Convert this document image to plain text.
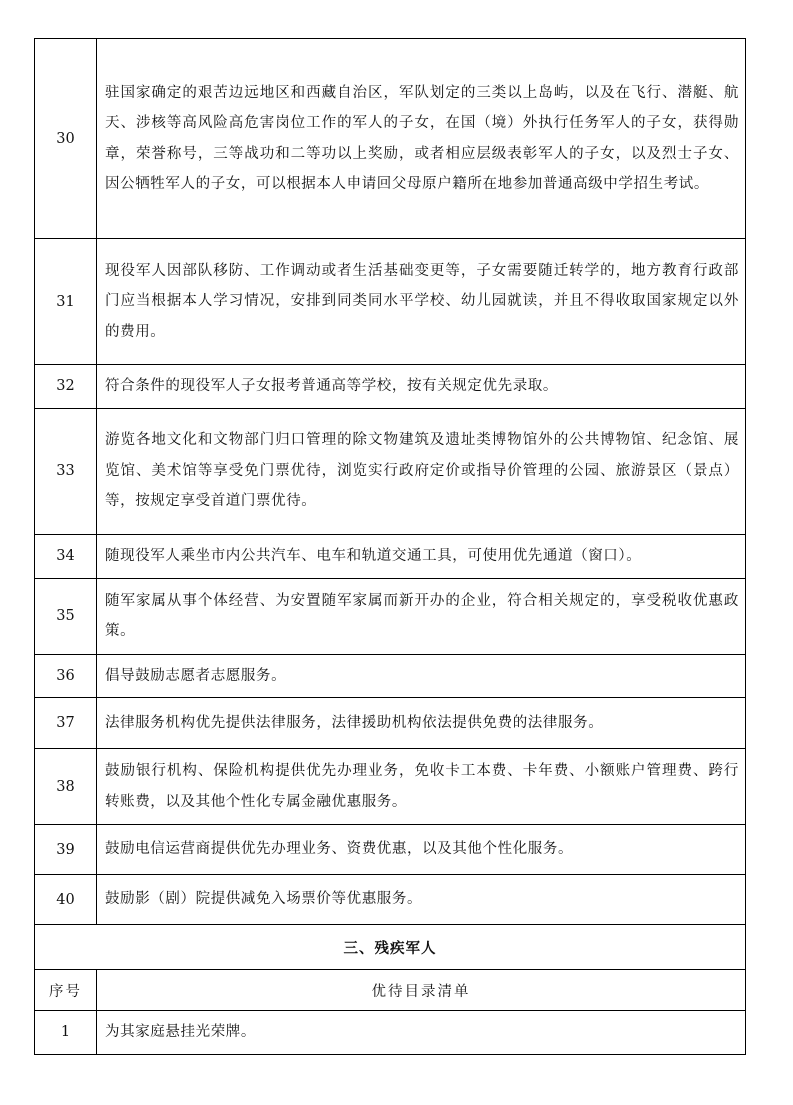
30	驻国家确定的艰苦边远地区和西藏自治区，军队划定的三类以上岛屿，以及在飞行、潜艇、航天、涉核等高风险高危害岗位工作的军人的子女，在国（境）外执行任务军人的子女，获得勋章，荣誉称号，三等战功和二等功以上奖励，或者相应层级表彰军人的子女，以及烈士子女、因公牺牲军人的子女，可以根据本人申请回父母原户籍所在地参加普通高级中学招生考试。
31	现役军人因部队移防、工作调动或者生活基础变更等，子女需要随迁转学的，地方教育行政部门应当根据本人学习情况，安排到同类同水平学校、幼儿园就读，并且不得收取国家规定以外的费用。
32	符合条件的现役军人子女报考普通高等学校，按有关规定优先录取。
33	游览各地文化和文物部门归口管理的除文物建筑及遗址类博物馆外的公共博物馆、纪念馆、展览馆、美术馆等享受免门票优待，浏览实行政府定价或指导价管理的公园、旅游景区（景点）等，按规定享受首道门票优待。
34	随现役军人乘坐市内公共汽车、电车和轨道交通工具，可使用优先通道（窗口）。
35	随军家属从事个体经营、为安置随军家属而新开办的企业，符合相关规定的，享受税收优惠政策。
36	倡导鼓励志愿者志愿服务。
37	法律服务机构优先提供法律服务，法律援助机构依法提供免费的法律服务。
38	鼓励银行机构、保险机构提供优先办理业务，免收卡工本费、卡年费、小额账户管理费、跨行转账费，以及其他个性化专属金融优惠服务。
39	鼓励电信运营商提供优先办理业务、资费优惠，以及其他个性化服务。
40	鼓励影（剧）院提供减免入场票价等优惠服务。
三、残疾军人	
序号	优待目录清单
1	为其家庭悬挂光荣牌。
